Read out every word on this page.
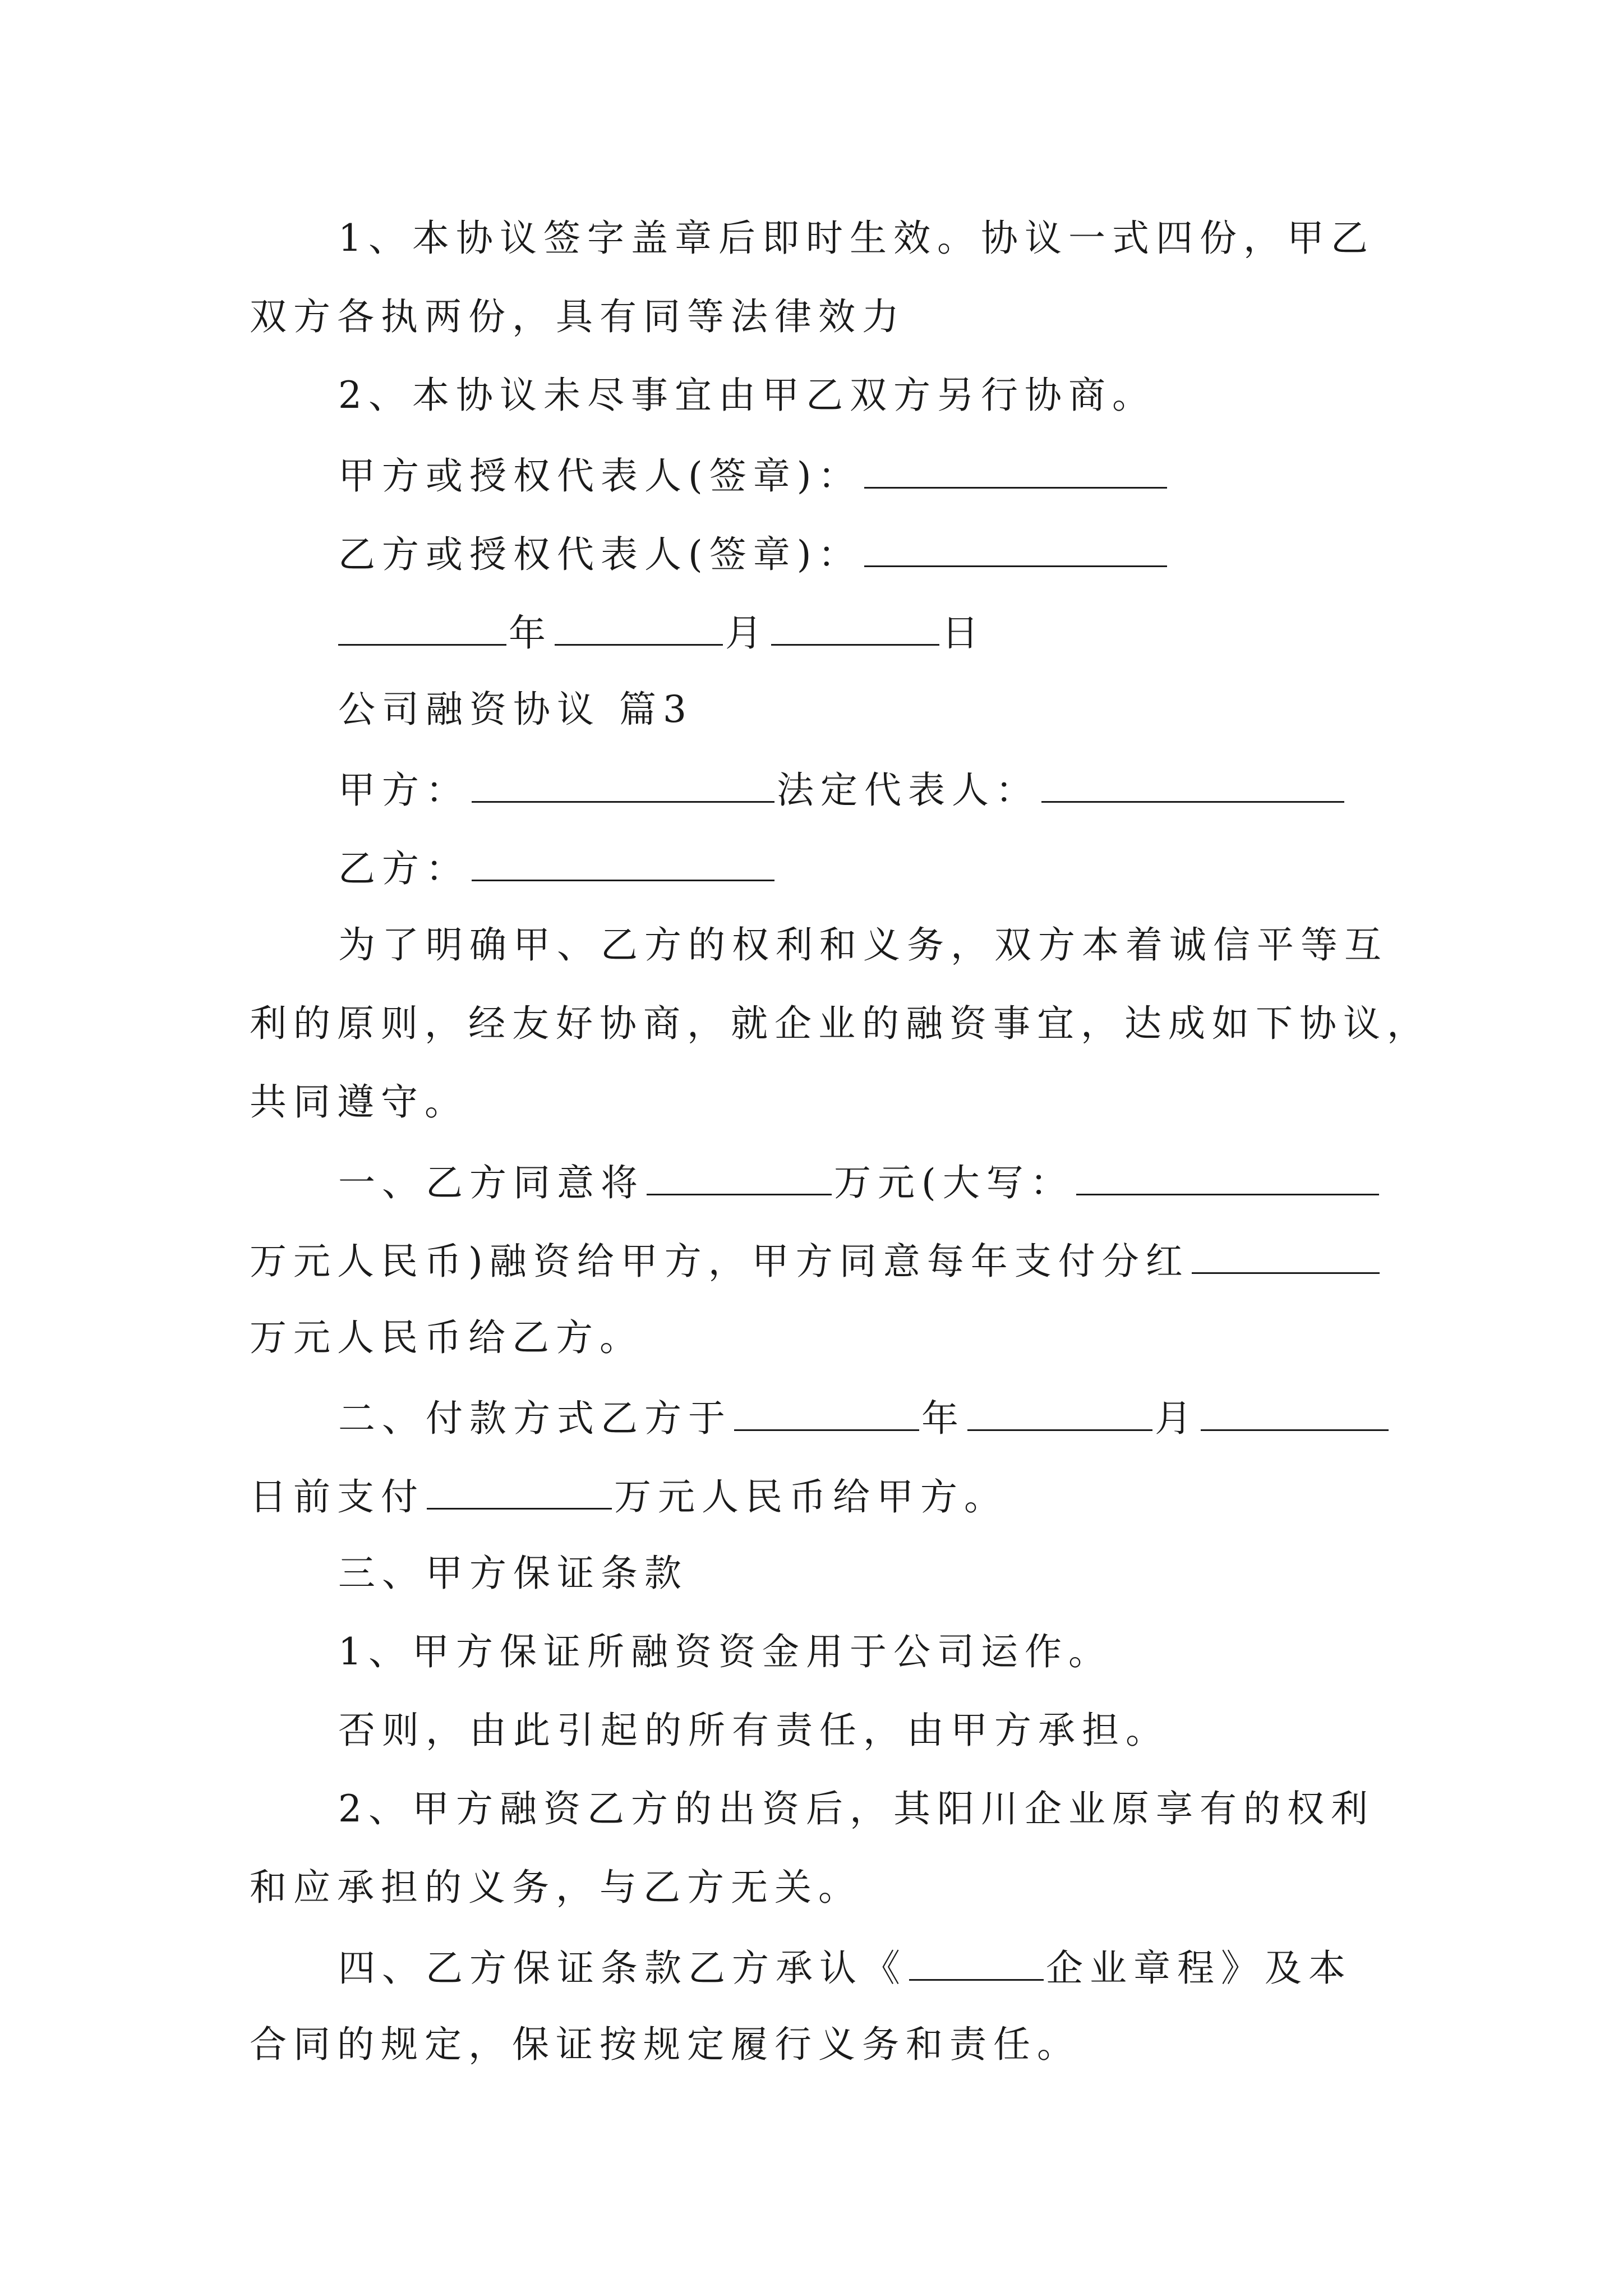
1、本协议签字盖章后即时生效。协议一式四份，甲乙
双方各执两份，具有同等法律效力
2、本协议未尽事宜由甲乙双方另行协商。
甲方或授权代表人(签章)：
乙方或授权代表人(签章)：
年	月	日
公司融资协议 篇3
甲方：	法定代表人：
乙方：
为了明确甲、乙方的权利和义务，双方本着诚信平等互
利的原则，经友好协商，就企业的融资事宜，达成如下协议，
共同遵守。
一、乙方同意将	万元(大写：
万元人民币)融资给甲方，甲方同意每年支付分红
万元人民币给乙方。
二、付款方式乙方于	年	月
日前支付	万元人民币给甲方。
三、甲方保证条款
1、甲方保证所融资资金用于公司运作。
否则，由此引起的所有责任，由甲方承担。
2、甲方融资乙方的出资后，其阳川企业原享有的权利
和应承担的义务，与乙方无关。
四、乙方保证条款乙方承认《	企业章程》及本
合同的规定，保证按规定履行义务和责任。
